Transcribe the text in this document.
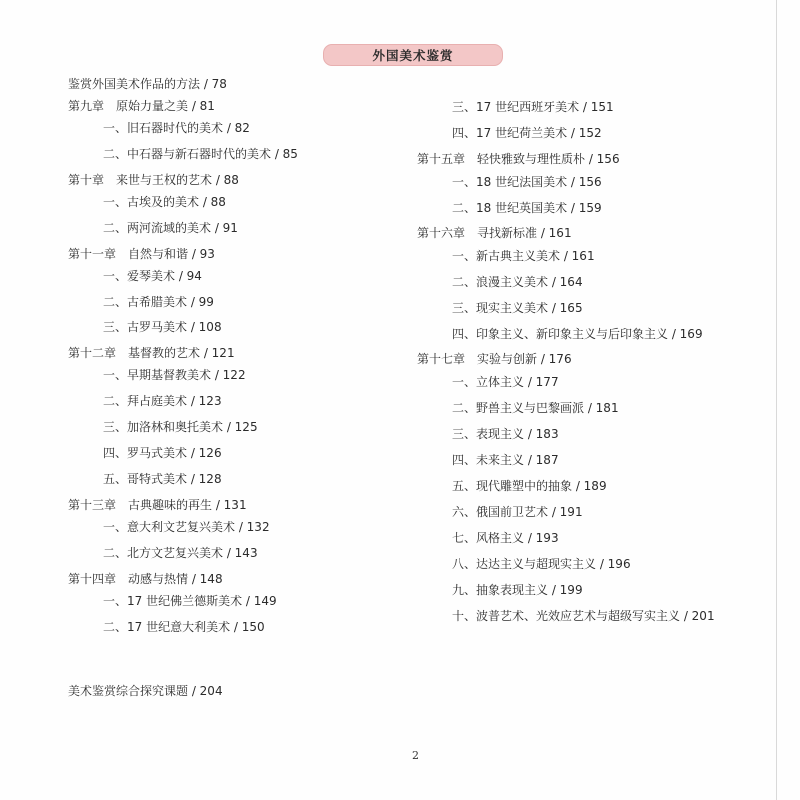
外国美术鉴赏
鉴赏外国美术作品的方法 / 78
第九章　原始力量之美 / 81
一、旧石器时代的美术 / 82
二、中石器与新石器时代的美术 / 85
第十章　来世与王权的艺术 / 88
一、古埃及的美术 / 88
二、两河流域的美术 / 91
第十一章　自然与和谐 / 93
一、爱琴美术 / 94
二、古希腊美术 / 99
三、古罗马美术 / 108
第十二章　基督教的艺术 / 121
一、早期基督教美术 / 122
二、拜占庭美术 / 123
三、加洛林和奥托美术 / 125
四、罗马式美术 / 126
五、哥特式美术 / 128
第十三章　古典趣味的再生 / 131
一、意大利文艺复兴美术 / 132
二、北方文艺复兴美术 / 143
第十四章　动感与热情 / 148
一、17 世纪佛兰德斯美术 / 149
二、17 世纪意大利美术 / 150
三、17 世纪西班牙美术 / 151
四、17 世纪荷兰美术 / 152
第十五章　轻快雅致与理性质朴 / 156
一、18 世纪法国美术 / 156
二、18 世纪英国美术 / 159
第十六章　寻找新标准 / 161
一、新古典主义美术 / 161
二、浪漫主义美术 / 164
三、现实主义美术 / 165
四、印象主义、新印象主义与后印象主义 / 169
第十七章　实验与创新 / 176
一、立体主义 / 177
二、野兽主义与巴黎画派 / 181
三、表现主义 / 183
四、未来主义 / 187
五、现代雕塑中的抽象 / 189
六、俄国前卫艺术 / 191
七、风格主义 / 193
八、达达主义与超现实主义 / 196
九、抽象表现主义 / 199
十、波普艺术、光效应艺术与超级写实主义 / 201
美术鉴赏综合探究课题 / 204
2
